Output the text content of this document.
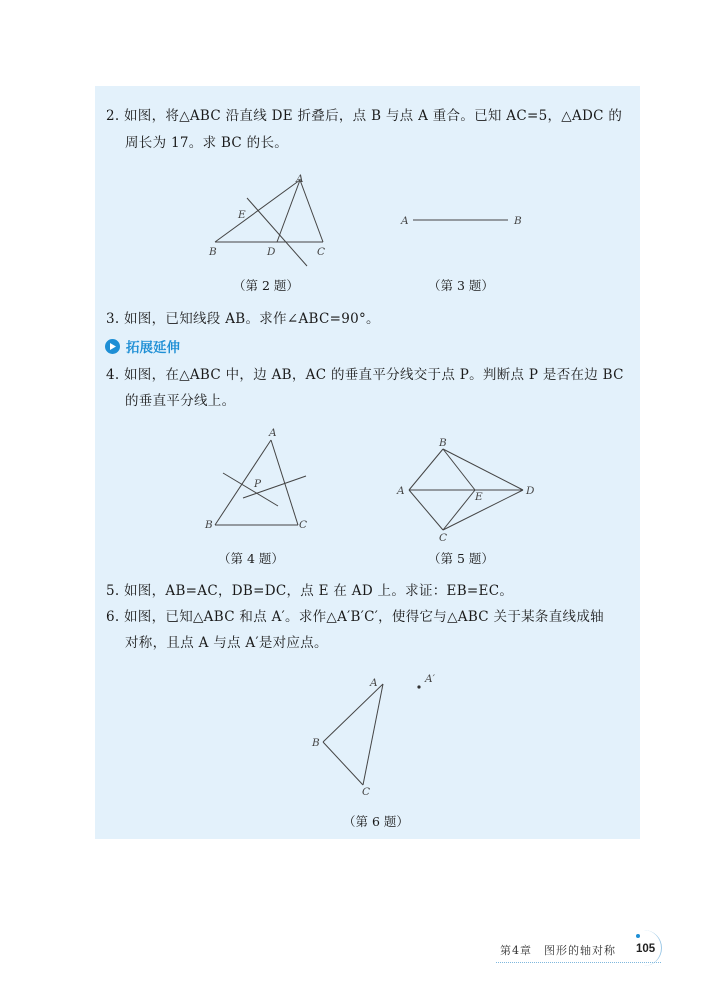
2. 如图，将△ABC 沿直线 DE 折叠后，点 B 与点 A 重合。已知 AC=5，△ADC 的
周长为 17。求 BC 的长。
A
E
B	D	C
（第 2 题）
A	B
（第 3 题）
3. 如图，已知线段 AB。求作∠ABC=90°。
拓展延伸
4. 如图，在△ABC 中，边 AB，AC 的垂直平分线交于点 P。判断点 P 是否在边 BC
的垂直平分线上。
A
P
B	C
（第 4 题）
B
A	E	D
C
（第 5 题）
5. 如图，AB=AC，DB=DC，点 E 在 AD 上。求证：EB=EC。
6. 如图，已知△ABC 和点 A′。求作△A′B′C′，使得它与△ABC 关于某条直线成轴
对称，且点 A 与点 A′是对应点。
A
B
C
A′
（第 6 题）
第4章　图形的轴对称 105
